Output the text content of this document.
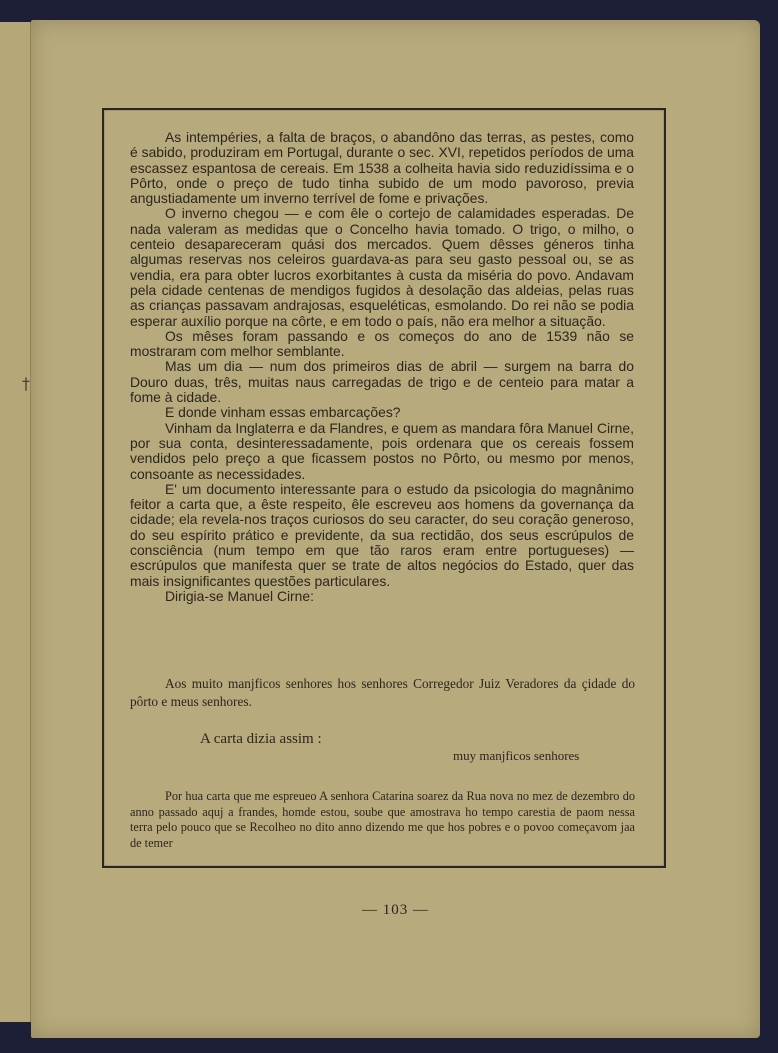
†

As intempéries, a falta de braços, o abandôno das terras, as pestes, como é sabido, produziram em Portugal, durante o sec. XVI, repetidos períodos de uma escassez espantosa de cereais. Em 1538 a colheita havia sido reduzidíssima e o Pôrto, onde o preço de tudo tinha subido de um modo pavoroso, previa angustiadamente um inverno terrível de fome e privações.

O inverno chegou — e com êle o cortejo de calamidades esperadas. De nada valeram as medidas que o Concelho havia tomado. O trigo, o milho, o centeio desapareceram quási dos mercados. Quem dêsses géneros tinha algumas reservas nos celeiros guardava-as para seu gasto pessoal ou, se as vendia, era para obter lucros exorbitantes à custa da miséria do povo. Andavam pela cidade centenas de mendigos fugidos à desolação das aldeias, pelas ruas as crianças passavam andrajosas, esqueléticas, esmolando. Do rei não se podia esperar auxílio porque na côrte, e em todo o país, não era melhor a situação.

Os mêses foram passando e os começos do ano de 1539 não se mostraram com melhor semblante.

Mas um dia — num dos primeiros dias de abril — surgem na barra do Douro duas, três, muitas naus carregadas de trigo e de centeio para matar a fome à cidade.

E donde vinham essas embarcações?

Vinham da Inglaterra e da Flandres, e quem as mandara fôra Manuel Cirne, por sua conta, desinteressadamente, pois ordenara que os cereais fossem vendidos pelo preço a que ficassem postos no Pôrto, ou mesmo por menos, consoante as necessidades.

E' um documento interessante para o estudo da psicologia do magnânimo feitor a carta que, a êste respeito, êle escreveu aos homens da governança da cidade; ela revela-nos traços curiosos do seu caracter, do seu coração generoso, do seu espírito prático e previdente, da sua rectidão, dos seus escrúpulos de consciência (num tempo em que tão raros eram entre portugueses) — escrúpulos que manifesta quer se trate de altos negócios do Estado, quer das mais insignificantes questões particulares.

Dirigia-se Manuel Cirne:

Aos muito manjficos senhores hos senhores Corregedor Juiz Veradores da çidade do pôrto e meus senhores.
A carta dizia assim :
muy manjficos senhores
Por hua carta que me espreueo A senhora Catarina soarez da Rua nova no mez de dezembro do anno passado aquj a frandes, homde estou, soube que amostrava ho tempo carestia de paom nessa terra pelo pouco que se Recolheo no dito anno dizendo me que hos pobres e o povoo começavom jaa de temer
— 103 —
